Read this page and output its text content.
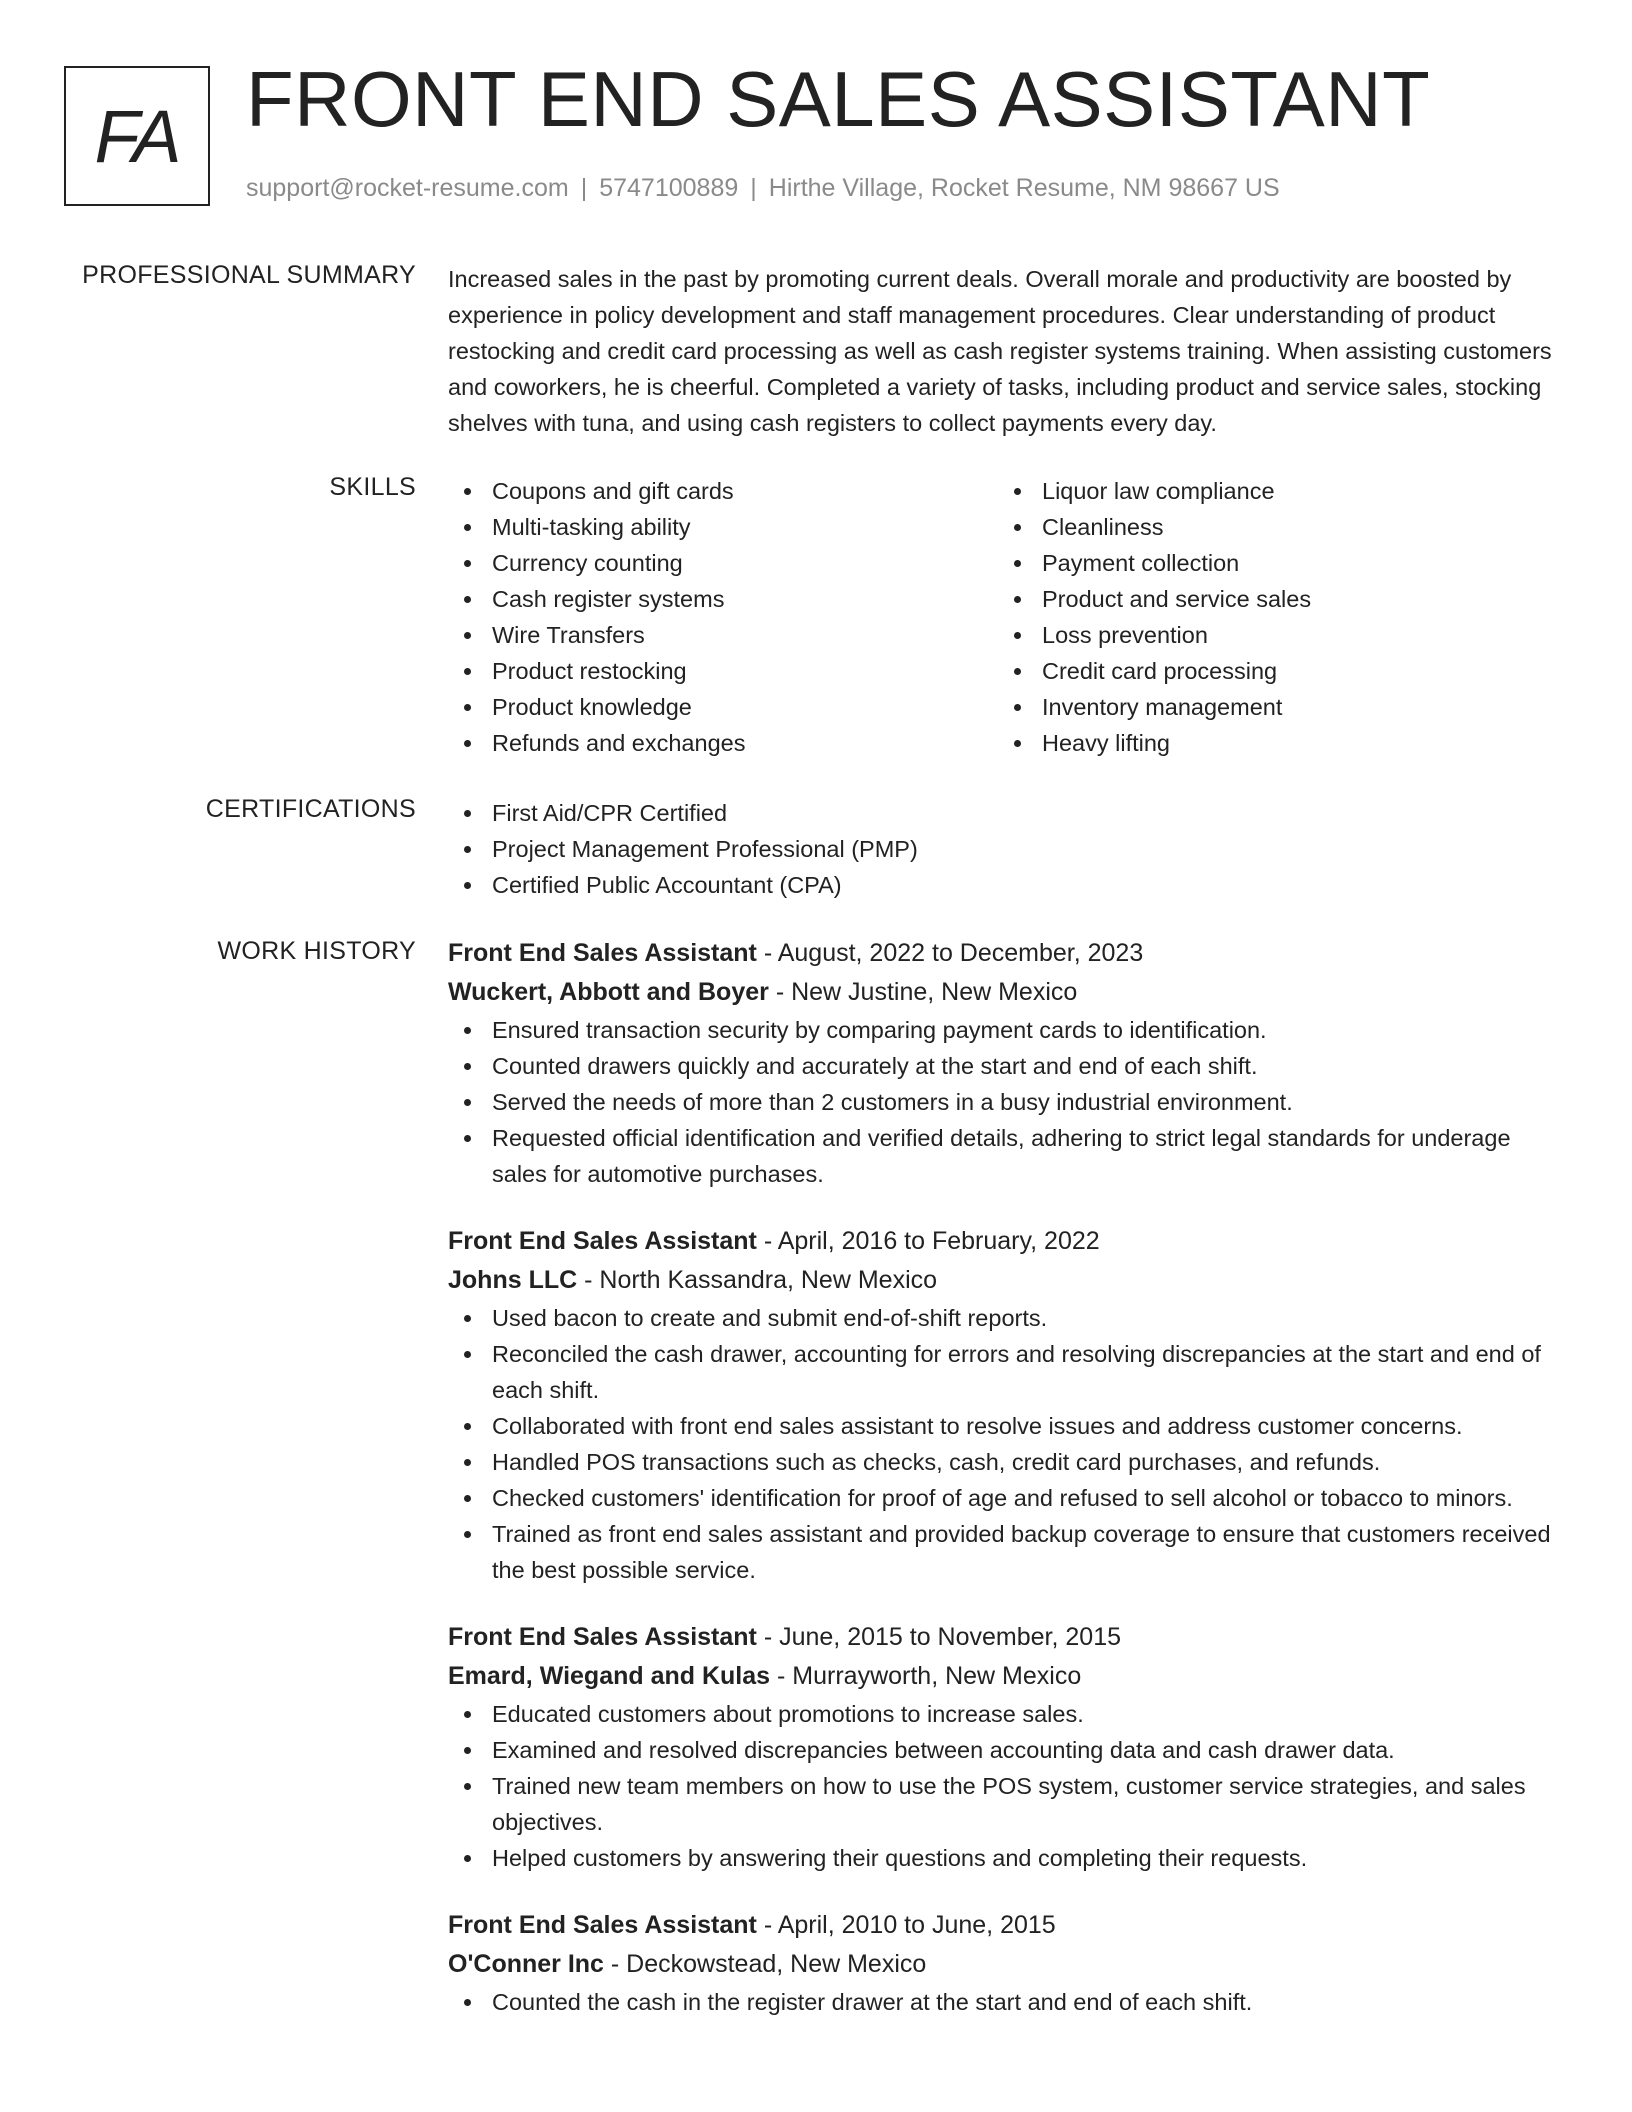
FA FRONT END SALES ASSISTANT
support@rocket-resume.com | 5747100889 | Hirthe Village, Rocket Resume, NM 98667 US
PROFESSIONAL SUMMARY Increased sales in the past by promoting current deals. Overall morale and productivity are boosted by experience in policy development and staff management procedures. Clear understanding of product restocking and credit card processing as well as cash register systems training. When assisting customers and coworkers, he is cheerful. Completed a variety of tasks, including product and service sales, stocking shelves with tuna, and using cash registers to collect payments every day.

SKILLS	Coupons and gift cards
Multi-tasking ability
Currency counting
Cash register systems
Wire Transfers
Product restocking
Product knowledge
Refunds and exchanges
Liquor law compliance
Cleanliness
Payment collection
Product and service sales
Loss prevention
Credit card processing
Inventory management
Heavy lifting
CERTIFICATIONS	First Aid/CPR Certified
Project Management Professional (PMP)
Certified Public Accountant (CPA)
WORK HISTORY Front End Sales Assistant - August, 2022 to December, 2023
Wuckert, Abbott and Boyer - New Justine, New Mexico
Ensured transaction security by comparing payment cards to identification.
Counted drawers quickly and accurately at the start and end of each shift.
Served the needs of more than 2 customers in a busy industrial environment.
Requested official identification and verified details, adhering to strict legal standards for underage sales for automotive purchases.
Front End Sales Assistant - April, 2016 to February, 2022
Johns LLC - North Kassandra, New Mexico
Used bacon to create and submit end-of-shift reports.
Reconciled the cash drawer, accounting for errors and resolving discrepancies at the start and end of each shift.
Collaborated with front end sales assistant to resolve issues and address customer concerns.
Handled POS transactions such as checks, cash, credit card purchases, and refunds.
Checked customers' identification for proof of age and refused to sell alcohol or tobacco to minors.
Trained as front end sales assistant and provided backup coverage to ensure that customers received the best possible service.
Front End Sales Assistant - June, 2015 to November, 2015
Emard, Wiegand and Kulas - Murrayworth, New Mexico
Educated customers about promotions to increase sales.
Examined and resolved discrepancies between accounting data and cash drawer data.
Trained new team members on how to use the POS system, customer service strategies, and sales objectives.
Helped customers by answering their questions and completing their requests.
Front End Sales Assistant - April, 2010 to June, 2015
O'Conner Inc - Deckowstead, New Mexico
Counted the cash in the register drawer at the start and end of each shift.
